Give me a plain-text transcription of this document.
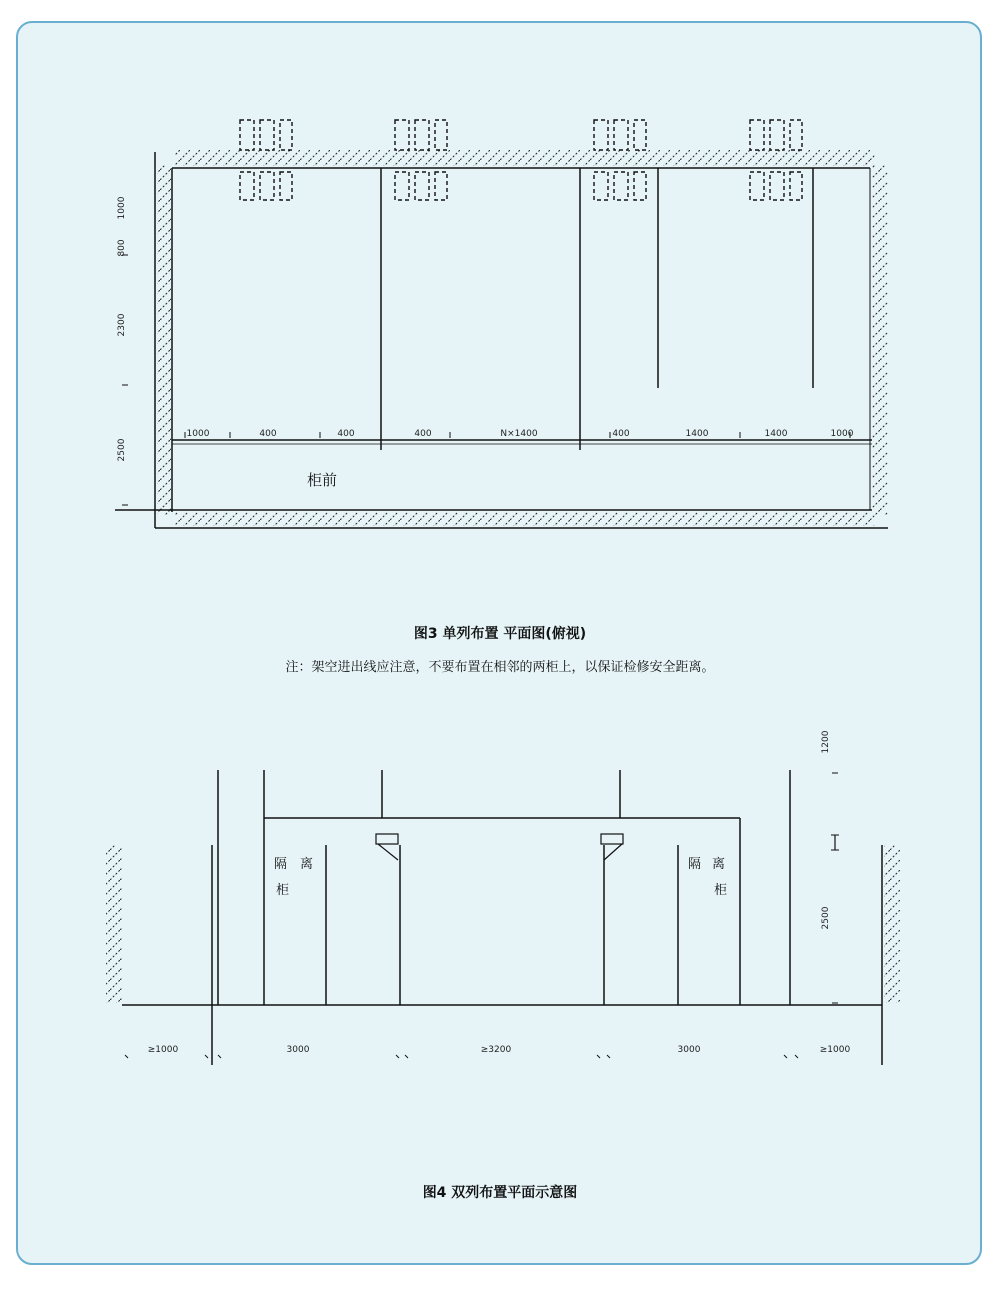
柜前
1000
800
2300
2500
1000	400	400	400	N×1400	400	1400	1400	1000
隔 离
柜
隔 离
柜
1200
2500
≥1000	3000	≥3200	3000	≥1000
图3 单列布置 平面图(俯视)
注：架空进出线应注意，不要布置在相邻的两柜上，以保证检修安全距离。
图4 双列布置平面示意图
